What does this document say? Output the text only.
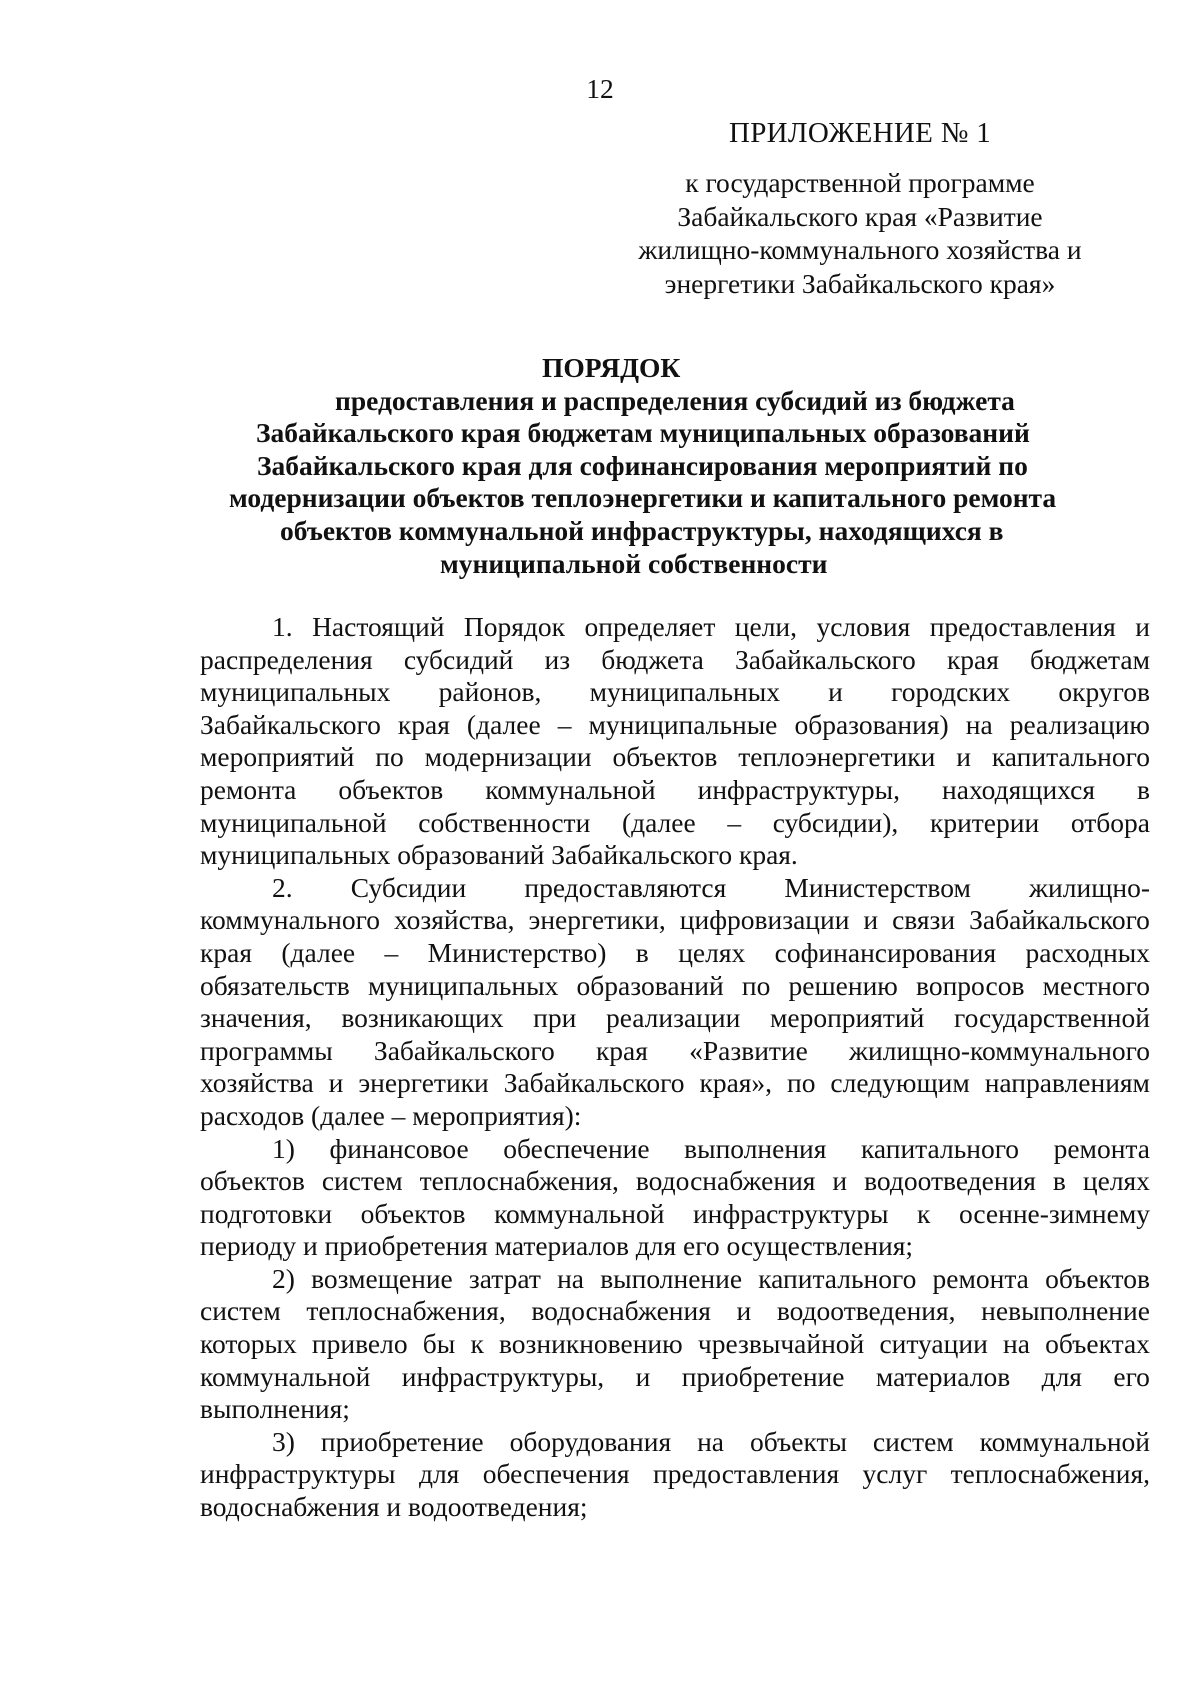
12
ПРИЛОЖЕНИЕ № 1
к государственной программе
Забайкальского края «Развитие
жилищно-коммунального хозяйства и
энергетики Забайкальского края»
ПОРЯДОК
предоставления и распределения субсидий из бюджета
Забайкальского края бюджетам муниципальных образований
Забайкальского края для софинансирования мероприятий по
модернизации объектов теплоэнергетики и капитального ремонта
объектов коммунальной инфраструктуры, находящихся в
муниципальной собственности
1. Настоящий Порядок определяет цели, условия предоставления и
распределения субсидий из бюджета Забайкальского края бюджетам
муниципальных районов, муниципальных и городских округов
Забайкальского края (далее – муниципальные образования) на реализацию
мероприятий по модернизации объектов теплоэнергетики и капитального
ремонта объектов коммунальной инфраструктуры, находящихся в
муниципальной собственности (далее – субсидии), критерии отбора
муниципальных образований Забайкальского края.
2. Субсидии предоставляются Министерством жилищно-
коммунального хозяйства, энергетики, цифровизации и связи Забайкальского
края (далее – Министерство) в целях софинансирования расходных
обязательств муниципальных образований по решению вопросов местного
значения, возникающих при реализации мероприятий государственной
программы Забайкальского края «Развитие жилищно-коммунального
хозяйства и энергетики Забайкальского края», по следующим направлениям
расходов (далее – мероприятия):
1) финансовое обеспечение выполнения капитального ремонта
объектов систем теплоснабжения, водоснабжения и водоотведения в целях
подготовки объектов коммунальной инфраструктуры к осенне-зимнему
периоду и приобретения материалов для его осуществления;
2) возмещение затрат на выполнение капитального ремонта объектов
систем теплоснабжения, водоснабжения и водоотведения, невыполнение
которых привело бы к возникновению чрезвычайной ситуации на объектах
коммунальной инфраструктуры, и приобретение материалов для его
выполнения;
3) приобретение оборудования на объекты систем коммунальной
инфраструктуры для обеспечения предоставления услуг теплоснабжения,
водоснабжения и водоотведения;
